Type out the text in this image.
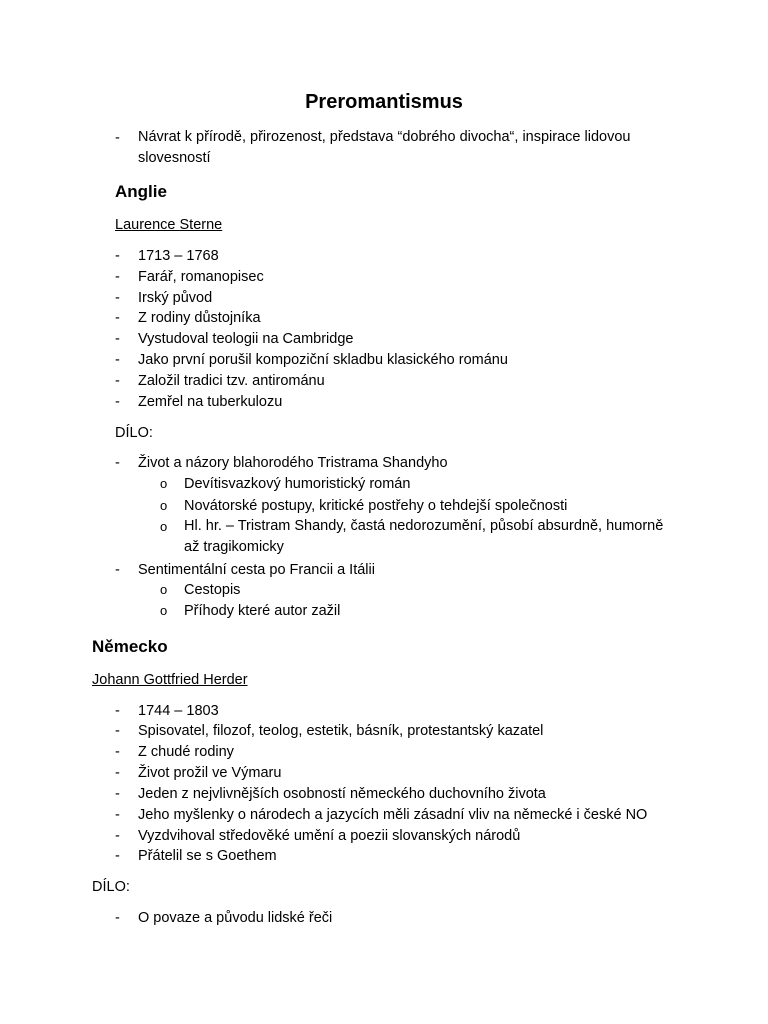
Preromantismus
- Návrat k přírodě, přirozenost, představa “dobrého divocha“, inspirace lidovou slovesností
Anglie
Laurence Sterne
- 1713 – 1768
- Farář, romanopisec
- Irský původ
- Z rodiny důstojníka
- Vystudoval teologii na Cambridge
- Jako první porušil kompoziční skladbu klasického románu
- Založil tradici tzv. antirománu
- Zemřel na tuberkulozu
DÍLO:
- Život a názory blahorodého Tristrama Shandyho
o Devítisvazkový humoristický román
o Novátorské postupy, kritické postřehy o tehdejší společnosti
o Hl. hr. – Tristram Shandy, častá nedorozumění, působí absurdně, humorně až tragikomicky
- Sentimentální cesta po Francii a Itálii
o Cestopis
o Příhody které autor zažil
Německo
Johann Gottfried Herder
- 1744 – 1803
- Spisovatel, filozof, teolog, estetik, básník, protestantský kazatel
- Z chudé rodiny
- Život prožil ve Výmaru
- Jeden z nejvlivnějších osobností německého duchovního života
- Jeho myšlenky o národech a jazycích měli zásadní vliv na německé i české NO
- Vyzdvihoval středověké umění a poezii slovanských národů
- Přátelil se s Goethem
DÍLO:
- O povaze a původu lidské řeči
